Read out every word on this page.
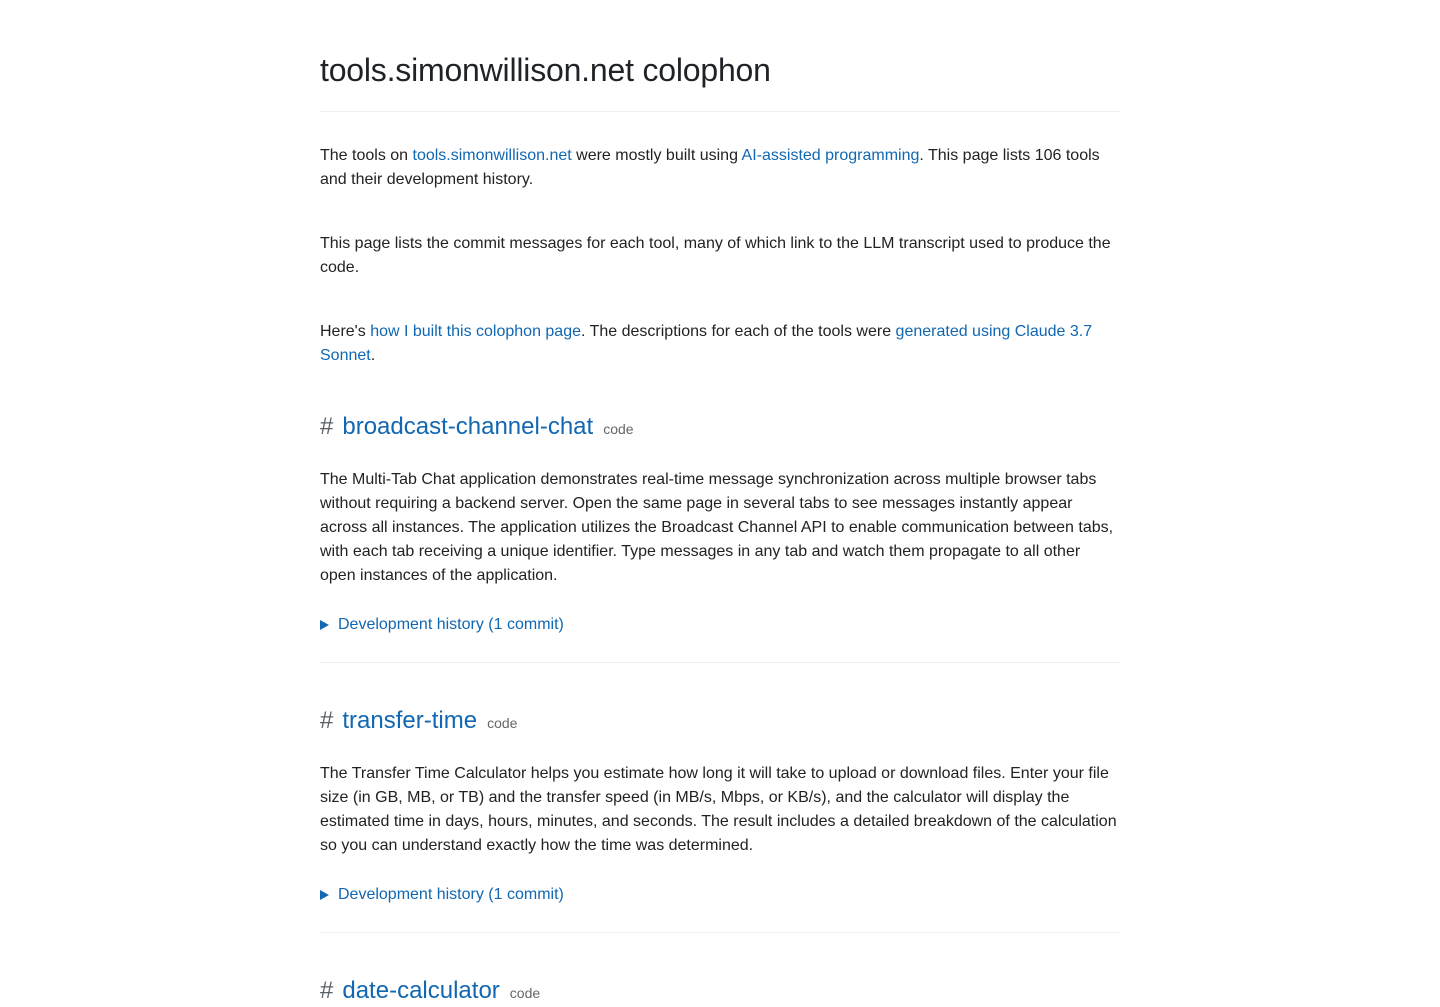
tools.simonwillison.net colophon

The tools on tools.simonwillison.net were mostly built using AI-assisted programming. This page lists 106 tools and their development history.

This page lists the commit messages for each tool, many of which link to the LLM transcript used to produce the code.

Here's how I built this colophon page. The descriptions for each of the tools were generated using Claude 3.7 Sonnet.

# broadcast-channel-chat code

The Multi-Tab Chat application demonstrates real-time message synchronization across multiple browser tabs without requiring a backend server. Open the same page in several tabs to see messages instantly appear across all instances. The application utilizes the Broadcast Channel API to enable communication between tabs, with each tab receiving a unique identifier. Type messages in any tab and watch them propagate to all other open instances of the application.

Development history (1 commit)
# transfer-time code

The Transfer Time Calculator helps you estimate how long it will take to upload or download files. Enter your file size (in GB, MB, or TB) and the transfer speed (in MB/s, Mbps, or KB/s), and the calculator will display the estimated time in days, hours, minutes, and seconds. The result includes a detailed breakdown of the calculation so you can understand exactly how the time was determined.

Development history (1 commit)
# date-calculator code
